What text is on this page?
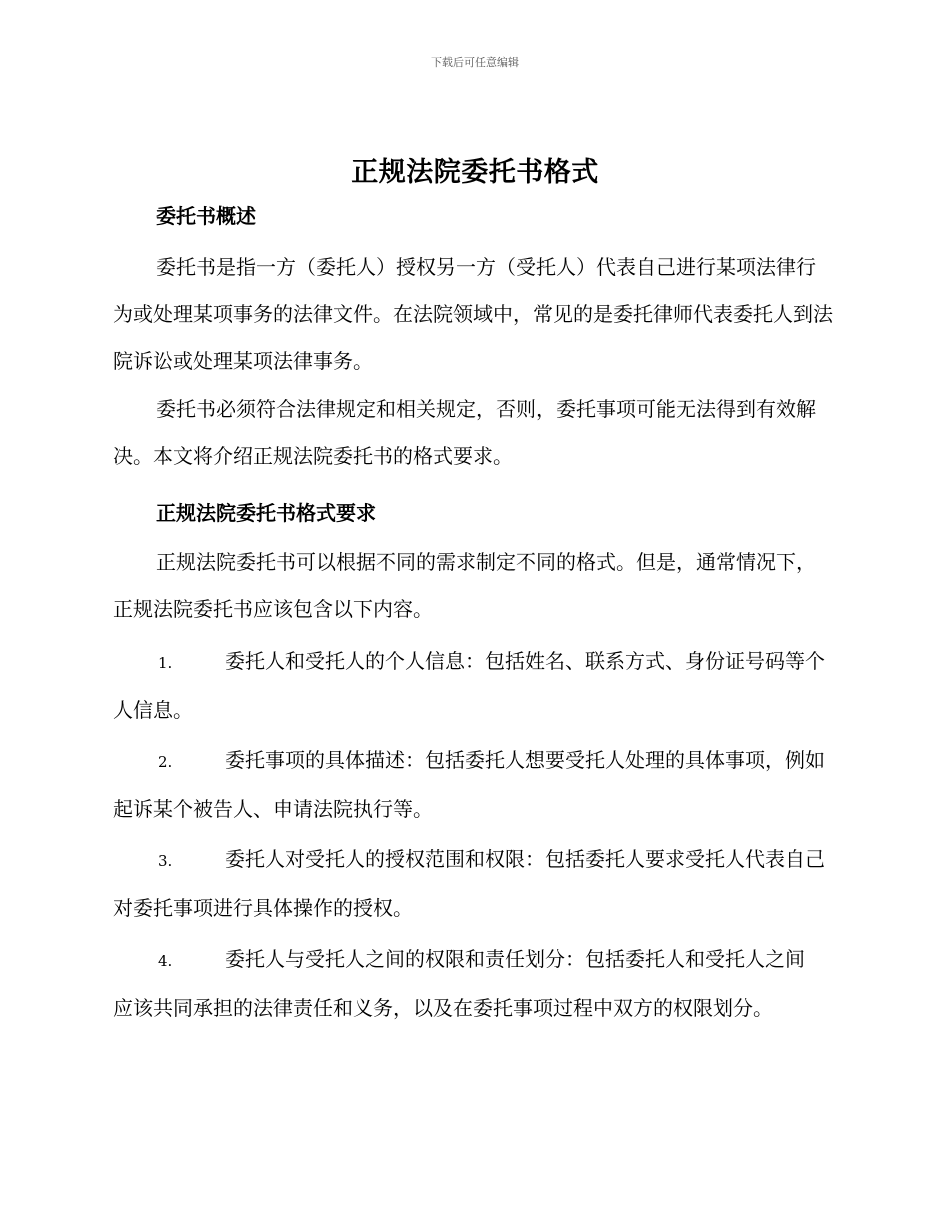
下载后可任意编辑
正规法院委托书格式
委托书概述
委托书是指一方（委托人）授权另一方（受托人）代表自己进行某项法律行为或处理某项事务的法律文件。在法院领域中，常见的是委托律师代表委托人到法院诉讼或处理某项法律事务。
委托书必须符合法律规定和相关规定，否则，委托事项可能无法得到有效解决。本文将介绍正规法院委托书的格式要求。
正规法院委托书格式要求
正规法院委托书可以根据不同的需求制定不同的格式。但是，通常情况下，正规法院委托书应该包含以下内容。
1.	委托人和受托人的个人信息：包括姓名、联系方式、身份证号码等个人信息。
2.	委托事项的具体描述：包括委托人想要受托人处理的具体事项，例如起诉某个被告人、申请法院执行等。
3.	委托人对受托人的授权范围和权限：包括委托人要求受托人代表自己对委托事项进行具体操作的授权。
4.	委托人与受托人之间的权限和责任划分：包括委托人和受托人之间应该共同承担的法律责任和义务，以及在委托事项过程中双方的权限划分。
